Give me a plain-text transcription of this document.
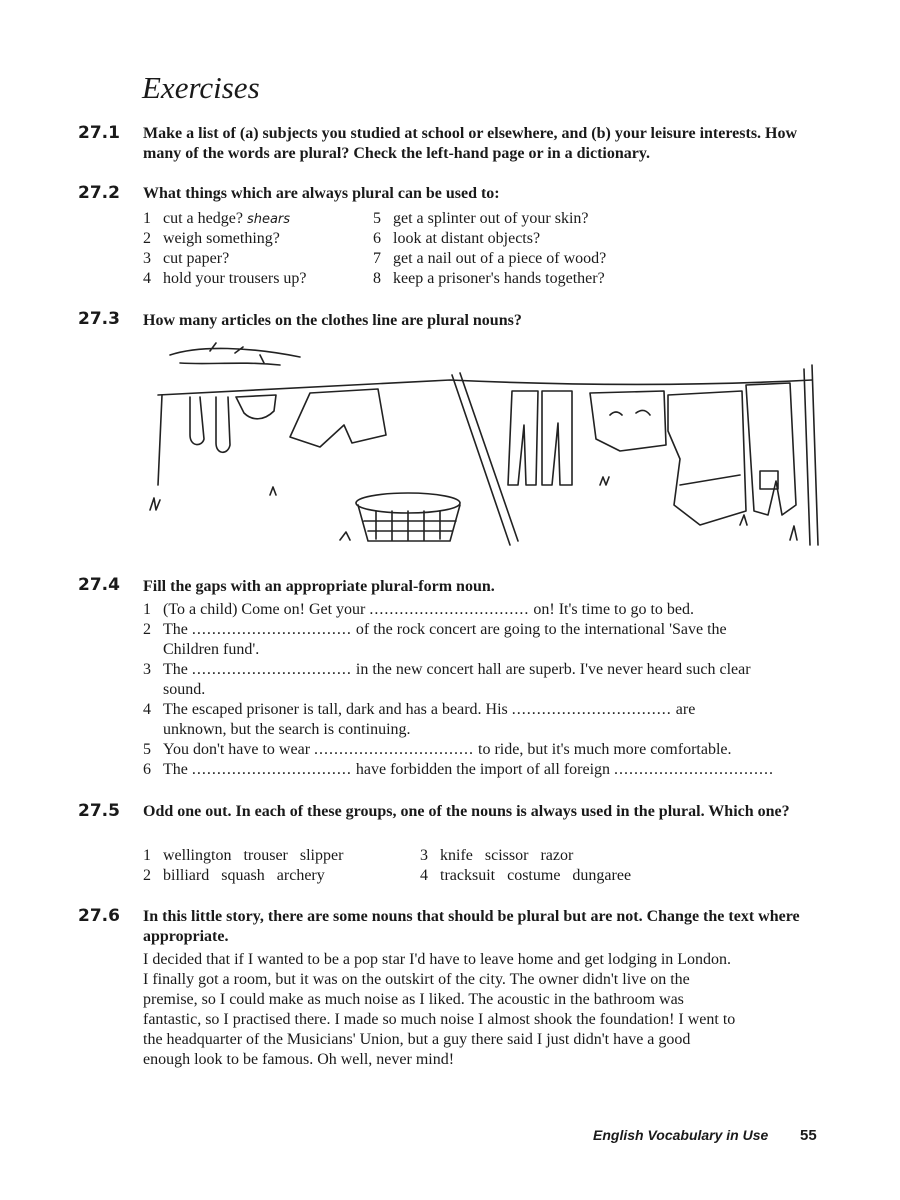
Exercises
27.1 Make a list of (a) subjects you studied at school or elsewhere, and (b) your leisure interests. How many of the words are plural? Check the left-hand page or in a dictionary.
27.2 What things which are always plural can be used to:
1 cut a hedge? shears
2 weigh something?
3 cut paper?
4 hold your trousers up?
5 get a splinter out of your skin?
6 look at distant objects?
7 get a nail out of a piece of wood?
8 keep a prisoner's hands together?
27.3 How many articles on the clothes line are plural nouns?
27.4 Fill the gaps with an appropriate plural-form noun.
1 (To a child) Come on! Get your ................................ on! It's time to go to bed.
2 The ................................ of the rock concert are going to the international 'Save the
Children fund'.
3 The ................................ in the new concert hall are superb. I've never heard such clear
sound.
4 The escaped prisoner is tall, dark and has a beard. His ................................ are
unknown, but the search is continuing.
5 You don't have to wear ................................ to ride, but it's much more comfortable.
6 The ................................ have forbidden the import of all foreign ................................
27.5 Odd one out. In each of these groups, one of the nouns is always used in the plural. Which one?
1 wellington trouser slipper
2 billiard squash archery
3 knife scissor razor
4 tracksuit costume dungaree
27.6 In this little story, there are some nouns that should be plural but are not. Change the text where appropriate.
I decided that if I wanted to be a pop star I'd have to leave home and get lodging in London.
I finally got a room, but it was on the outskirt of the city. The owner didn't live on the
premise, so I could make as much noise as I liked. The acoustic in the bathroom was
fantastic, so I practised there. I made so much noise I almost shook the foundation! I went to
the headquarter of the Musicians' Union, but a guy there said I just didn't have a good
enough look to be famous. Oh well, never mind!
English Vocabulary in Use 55
